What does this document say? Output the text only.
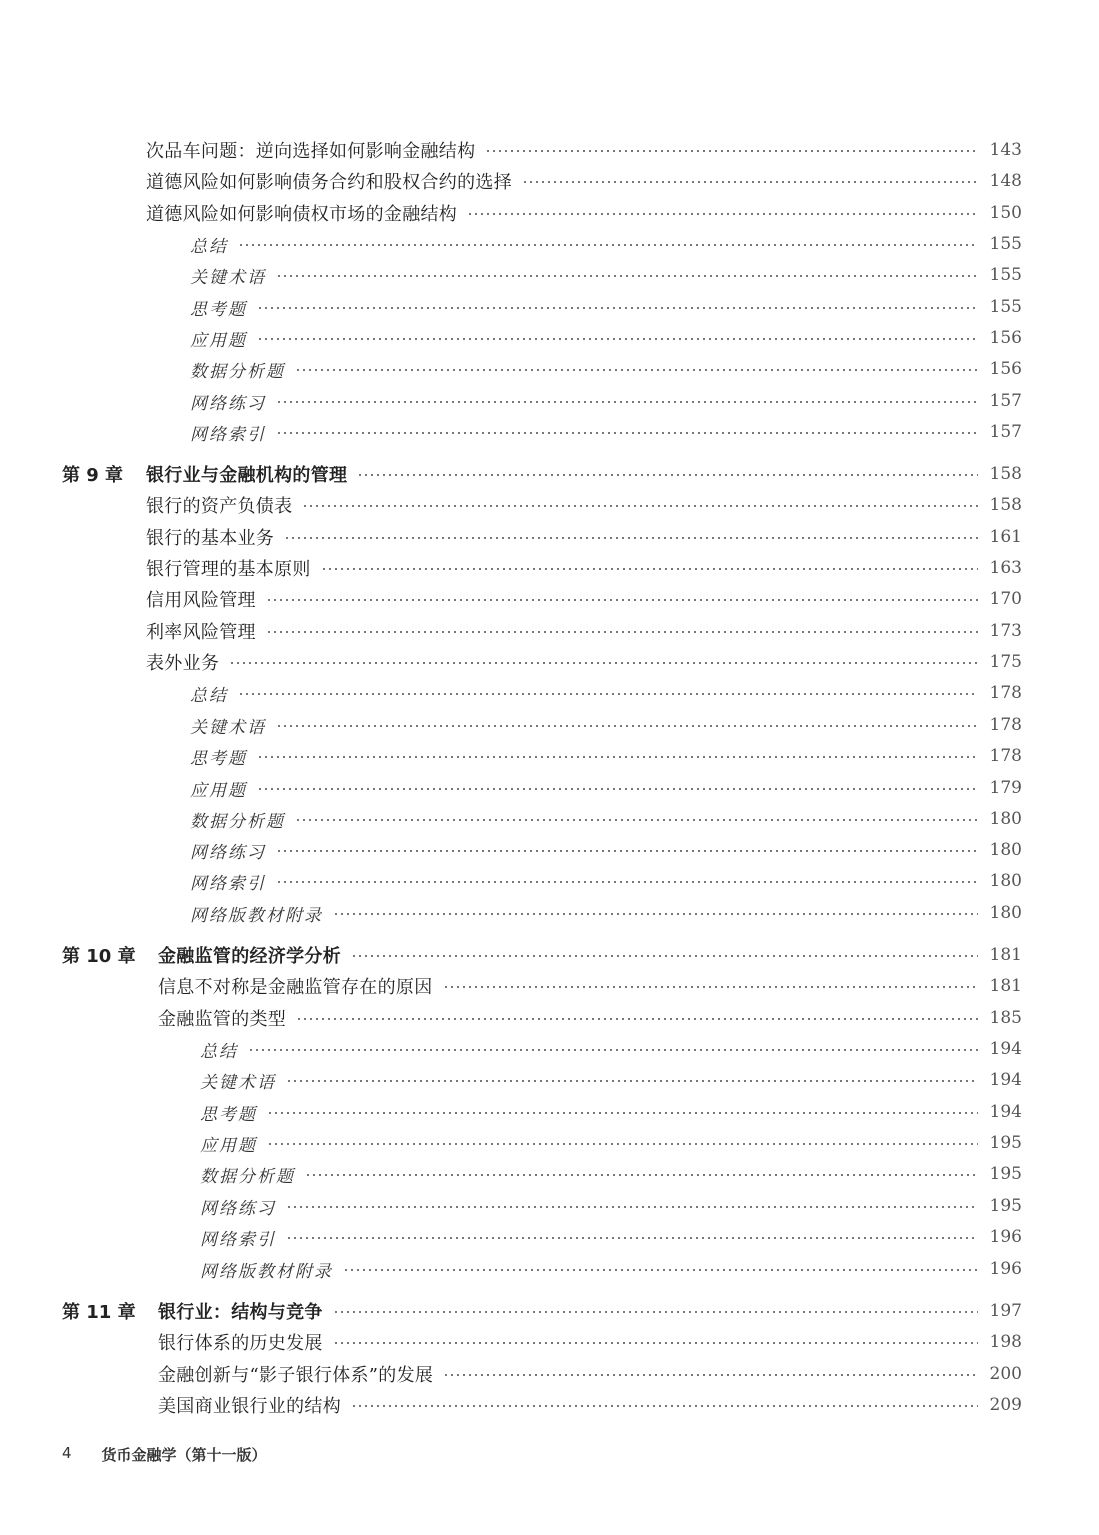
次品车问题：逆向选择如何影响金融结构	143
道德风险如何影响债务合约和股权合约的选择	148
道德风险如何影响债权市场的金融结构	150
总结	155
关键术语	155
思考题	155
应用题	156
数据分析题	156
网络练习	157
网络索引	157
第 9 章 银行业与金融机构的管理	158
银行的资产负债表	158
银行的基本业务	161
银行管理的基本原则	163
信用风险管理	170
利率风险管理	173
表外业务	175
总结	178
关键术语	178
思考题	178
应用题	179
数据分析题	180
网络练习	180
网络索引	180
网络版教材附录	180
第 10 章 金融监管的经济学分析	181
信息不对称是金融监管存在的原因	181
金融监管的类型	185
总结	194
关键术语	194
思考题	194
应用题	195
数据分析题	195
网络练习	195
网络索引	196
网络版教材附录	196
第 11 章 银行业：结构与竞争	197
银行体系的历史发展	198
金融创新与“影子银行体系”的发展	200
美国商业银行业的结构	209
4 货币金融学（第十一版）
